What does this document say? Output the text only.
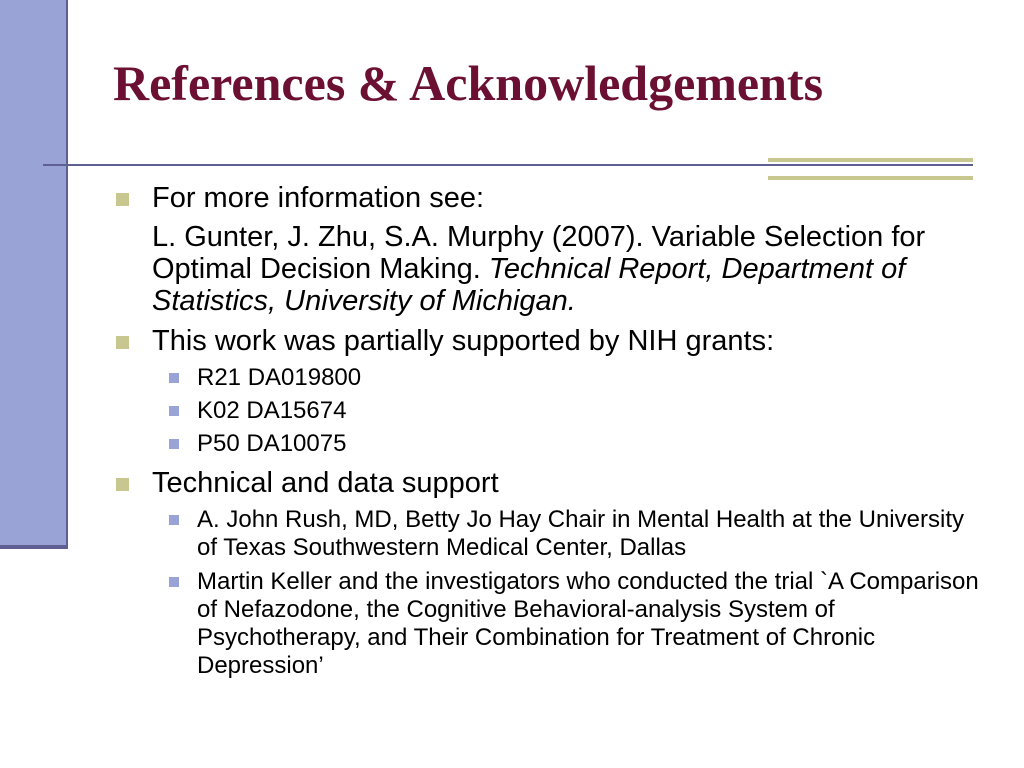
References & Acknowledgements
For more information see:
L. Gunter, J. Zhu, S.A. Murphy (2007). Variable Selection for Optimal Decision Making. Technical Report, Department of Statistics, University of Michigan.
This work was partially supported by NIH grants:
R21 DA019800
K02 DA15674
P50 DA10075
Technical and data support
A. John Rush, MD, Betty Jo Hay Chair in Mental Health at the University of Texas Southwestern Medical Center, Dallas
Martin Keller and the investigators who conducted the trial `A Comparison of Nefazodone, the Cognitive Behavioral-analysis System of Psychotherapy, and Their Combination for Treatment of Chronic Depression’
